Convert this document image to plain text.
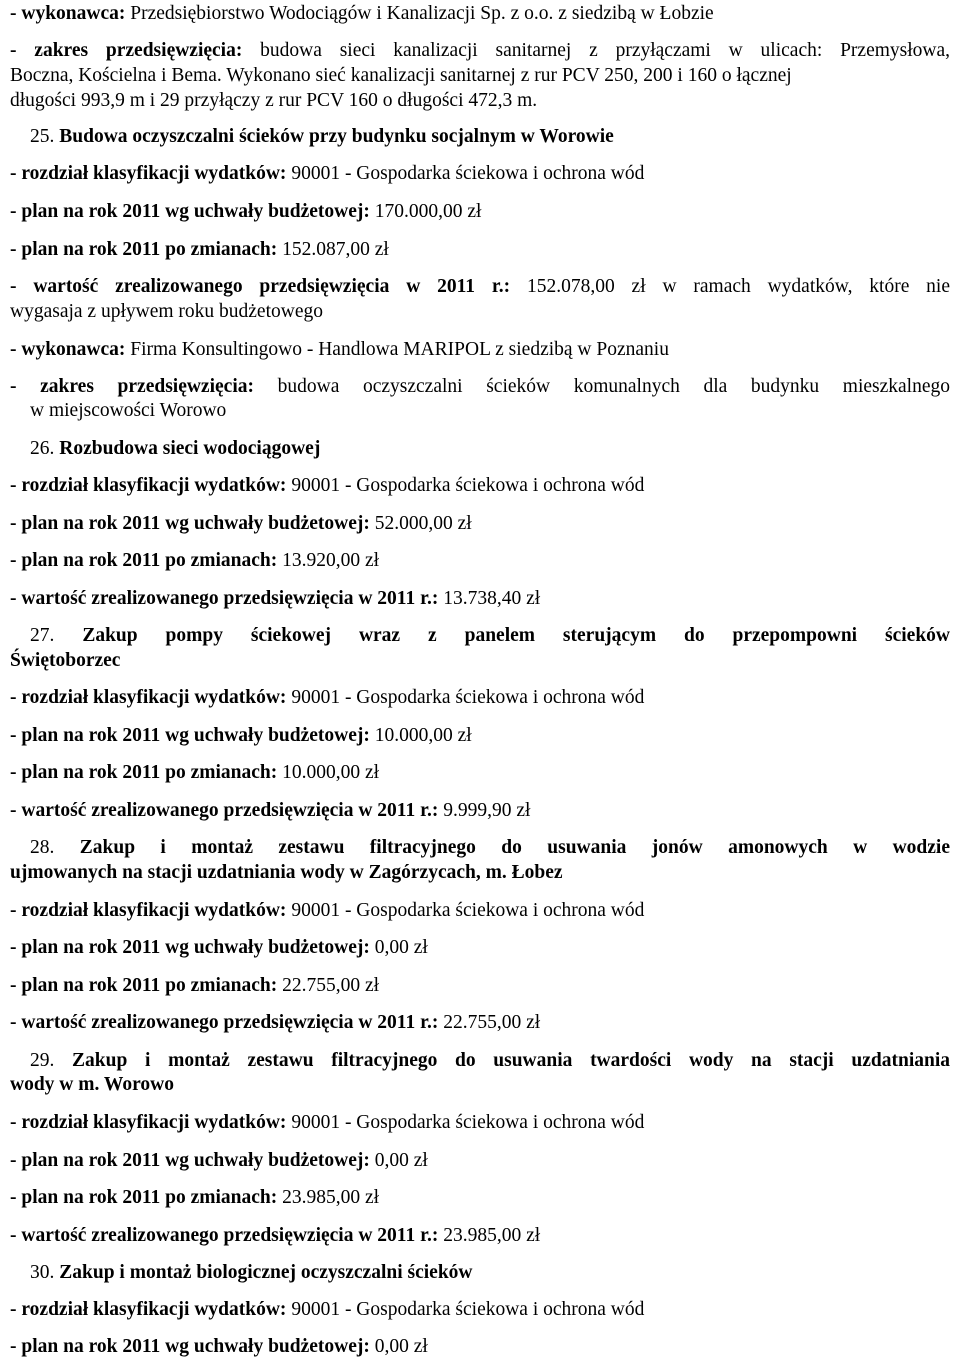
- wykonawca: Przedsiębiorstwo Wodociągów i Kanalizacji Sp. z o.o. z siedzibą w Łobzie
- zakres przedsięwzięcia: budowa sieci kanalizacji sanitarnej z przyłączami w ulicach: Przemysłowa,
Boczna, Kościelna i Bema. Wykonano sieć kanalizacji sanitarnej z rur PCV 250, 200 i 160 o łącznej
długości 993,9 m i 29 przyłączy z rur PCV 160 o długości 472,3 m.
25. Budowa oczyszczalni ścieków przy budynku socjalnym w Worowie
- rozdział klasyfikacji wydatków: 90001 - Gospodarka ściekowa i ochrona wód
- plan na rok 2011 wg uchwały budżetowej: 170.000,00 zł
- plan na rok 2011 po zmianach: 152.087,00 zł
- wartość zrealizowanego przedsięwzięcia w 2011 r.: 152.078,00 zł w ramach wydatków, które nie
wygasaja z upływem roku budżetowego
- wykonawca: Firma Konsultingowo - Handlowa MARIPOL z siedzibą w Poznaniu
- zakres przedsięwzięcia: budowa oczyszczalni ścieków komunalnych dla budynku mieszkalnego
w miejscowości Worowo
26. Rozbudowa sieci wodociągowej
- rozdział klasyfikacji wydatków: 90001 - Gospodarka ściekowa i ochrona wód
- plan na rok 2011 wg uchwały budżetowej: 52.000,00 zł
- plan na rok 2011 po zmianach: 13.920,00 zł
- wartość zrealizowanego przedsięwzięcia w 2011 r.: 13.738,40 zł
27. Zakup pompy ściekowej wraz z panelem sterującym do przepompowni ścieków
Świętoborzec
- rozdział klasyfikacji wydatków: 90001 - Gospodarka ściekowa i ochrona wód
- plan na rok 2011 wg uchwały budżetowej: 10.000,00 zł
- plan na rok 2011 po zmianach: 10.000,00 zł
- wartość zrealizowanego przedsięwzięcia w 2011 r.: 9.999,90 zł
28. Zakup i montaż zestawu filtracyjnego do usuwania jonów amonowych w wodzie
ujmowanych na stacji uzdatniania wody w Zagórzycach, m. Łobez
- rozdział klasyfikacji wydatków: 90001 - Gospodarka ściekowa i ochrona wód
- plan na rok 2011 wg uchwały budżetowej: 0,00 zł
- plan na rok 2011 po zmianach: 22.755,00 zł
- wartość zrealizowanego przedsięwzięcia w 2011 r.: 22.755,00 zł
29. Zakup i montaż zestawu filtracyjnego do usuwania twardości wody na stacji uzdatniania
wody w m. Worowo
- rozdział klasyfikacji wydatków: 90001 - Gospodarka ściekowa i ochrona wód
- plan na rok 2011 wg uchwały budżetowej: 0,00 zł
- plan na rok 2011 po zmianach: 23.985,00 zł
- wartość zrealizowanego przedsięwzięcia w 2011 r.: 23.985,00 zł
30. Zakup i montaż biologicznej oczyszczalni ścieków
- rozdział klasyfikacji wydatków: 90001 - Gospodarka ściekowa i ochrona wód
- plan na rok 2011 wg uchwały budżetowej: 0,00 zł
